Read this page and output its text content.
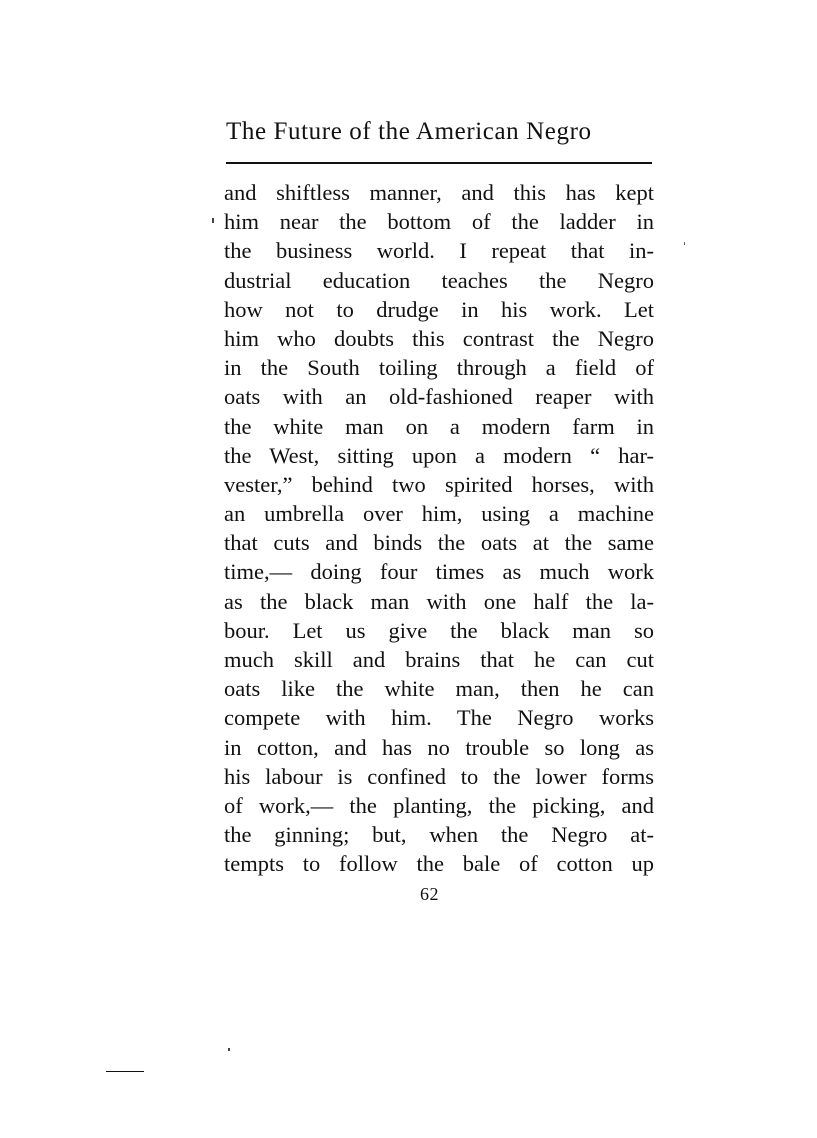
The Future of the American Negro
and shiftless manner, and this has kept
him near the bottom of the ladder in
the business world. I repeat that in-
dustrial education teaches the Negro
how not to drudge in his work. Let
him who doubts this contrast the Negro
in the South toiling through a field of
oats with an old-fashioned reaper with
the white man on a modern farm in
the West, sitting upon a modern “ har-
vester,” behind two spirited horses, with
an umbrella over him, using a machine
that cuts and binds the oats at the same
time,— doing four times as much work
as the black man with one half the la-
bour. Let us give the black man so
much skill and brains that he can cut
oats like the white man, then he can
compete with him. The Negro works
in cotton, and has no trouble so long as
his labour is confined to the lower forms
of work,— the planting, the picking, and
the ginning; but, when the Negro at-
tempts to follow the bale of cotton up
62
